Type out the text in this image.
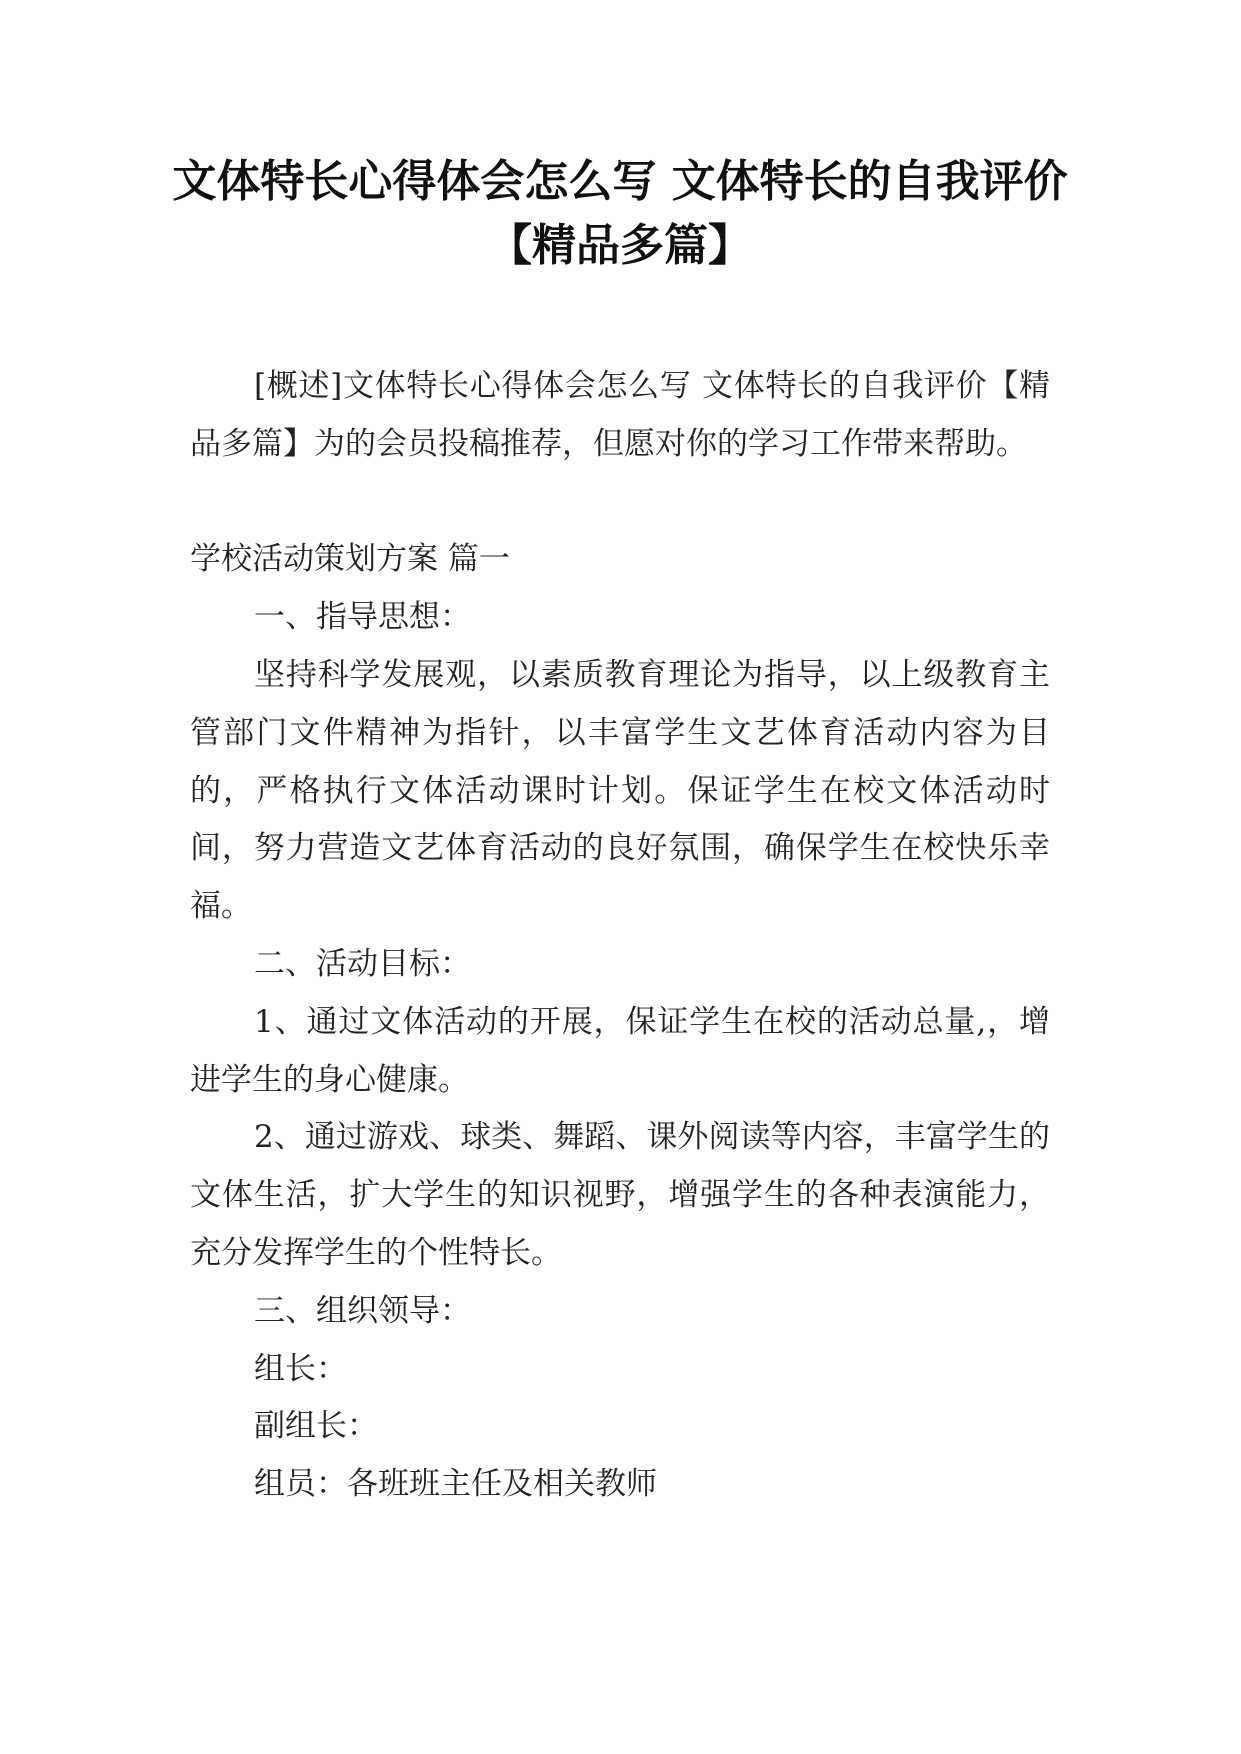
文体特长心得体会怎么写 文体特长的自我评价【精品多篇】

[概述]文体特长心得体会怎么写 文体特长的自我评价【精品多篇】为的会员投稿推荐，但愿对你的学习工作带来帮助。

学校活动策划方案 篇一

一、指导思想：

坚持科学发展观，以素质教育理论为指导，以上级教育主管部门文件精神为指针，以丰富学生文艺体育活动内容为目的，严格执行文体活动课时计划。保证学生在校文体活动时间，努力营造文艺体育活动的良好氛围，确保学生在校快乐幸福。

二、活动目标：

1、通过文体活动的开展，保证学生在校的活动总量,，增进学生的身心健康。

2、通过游戏、球类、舞蹈、课外阅读等内容，丰富学生的文体生活，扩大学生的知识视野，增强学生的各种表演能力，充分发挥学生的个性特长。

三、组织领导：

组长：

副组长：

组员：各班班主任及相关教师
